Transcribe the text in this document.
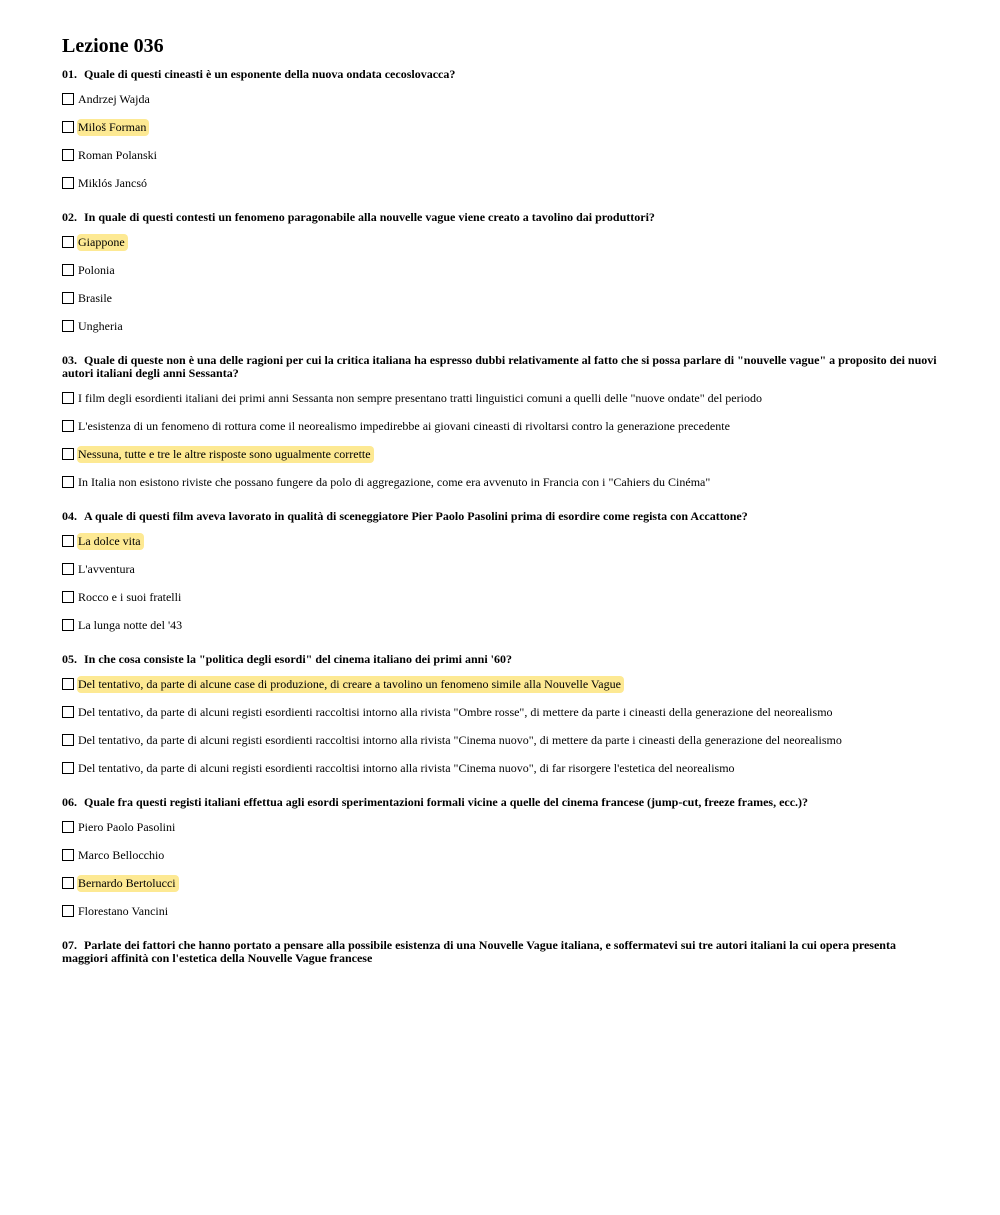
Lezione 036

01. Quale di questi cineasti è un esponente della nuova ondata cecoslovacca?

Andrzej Wajda
Miloš Forman
Roman Polanski
Miklós Jancsó

02. In quale di questi contesti un fenomeno paragonabile alla nouvelle vague viene creato a tavolino dai produttori?

Giappone
Polonia
Brasile
Ungheria

03. Quale di queste non è una delle ragioni per cui la critica italiana ha espresso dubbi relativamente al fatto che si possa parlare di "nouvelle vague" a proposito dei nuovi autori italiani degli anni Sessanta?

I film degli esordienti italiani dei primi anni Sessanta non sempre presentano tratti linguistici comuni a quelli delle "nuove ondate" del periodo
L'esistenza di un fenomeno di rottura come il neorealismo impedirebbe ai giovani cineasti di rivoltarsi contro la generazione precedente
Nessuna, tutte e tre le altre risposte sono ugualmente corrette
In Italia non esistono riviste che possano fungere da polo di aggregazione, come era avvenuto in Francia con i "Cahiers du Cinéma"

04. A quale di questi film aveva lavorato in qualità di sceneggiatore Pier Paolo Pasolini prima di esordire come regista con Accattone?

La dolce vita
L'avventura
Rocco e i suoi fratelli
La lunga notte del '43

05. In che cosa consiste la "politica degli esordi" del cinema italiano dei primi anni '60?

Del tentativo, da parte di alcune case di produzione, di creare a tavolino un fenomeno simile alla Nouvelle Vague
Del tentativo, da parte di alcuni registi esordienti raccoltisi intorno alla rivista "Ombre rosse", di mettere da parte i cineasti della generazione del neorealismo
Del tentativo, da parte di alcuni registi esordienti raccoltisi intorno alla rivista "Cinema nuovo", di mettere da parte i cineasti della generazione del neorealismo
Del tentativo, da parte di alcuni registi esordienti raccoltisi intorno alla rivista "Cinema nuovo", di far risorgere l'estetica del neorealismo

06. Quale fra questi registi italiani effettua agli esordi sperimentazioni formali vicine a quelle del cinema francese (jump-cut, freeze frames, ecc.)?

Piero Paolo Pasolini
Marco Bellocchio
Bernardo Bertolucci
Florestano Vancini

07. Parlate dei fattori che hanno portato a pensare alla possibile esistenza di una Nouvelle Vague italiana, e soffermatevi sui tre autori italiani la cui opera presenta maggiori affinità con l'estetica della Nouvelle Vague francese
